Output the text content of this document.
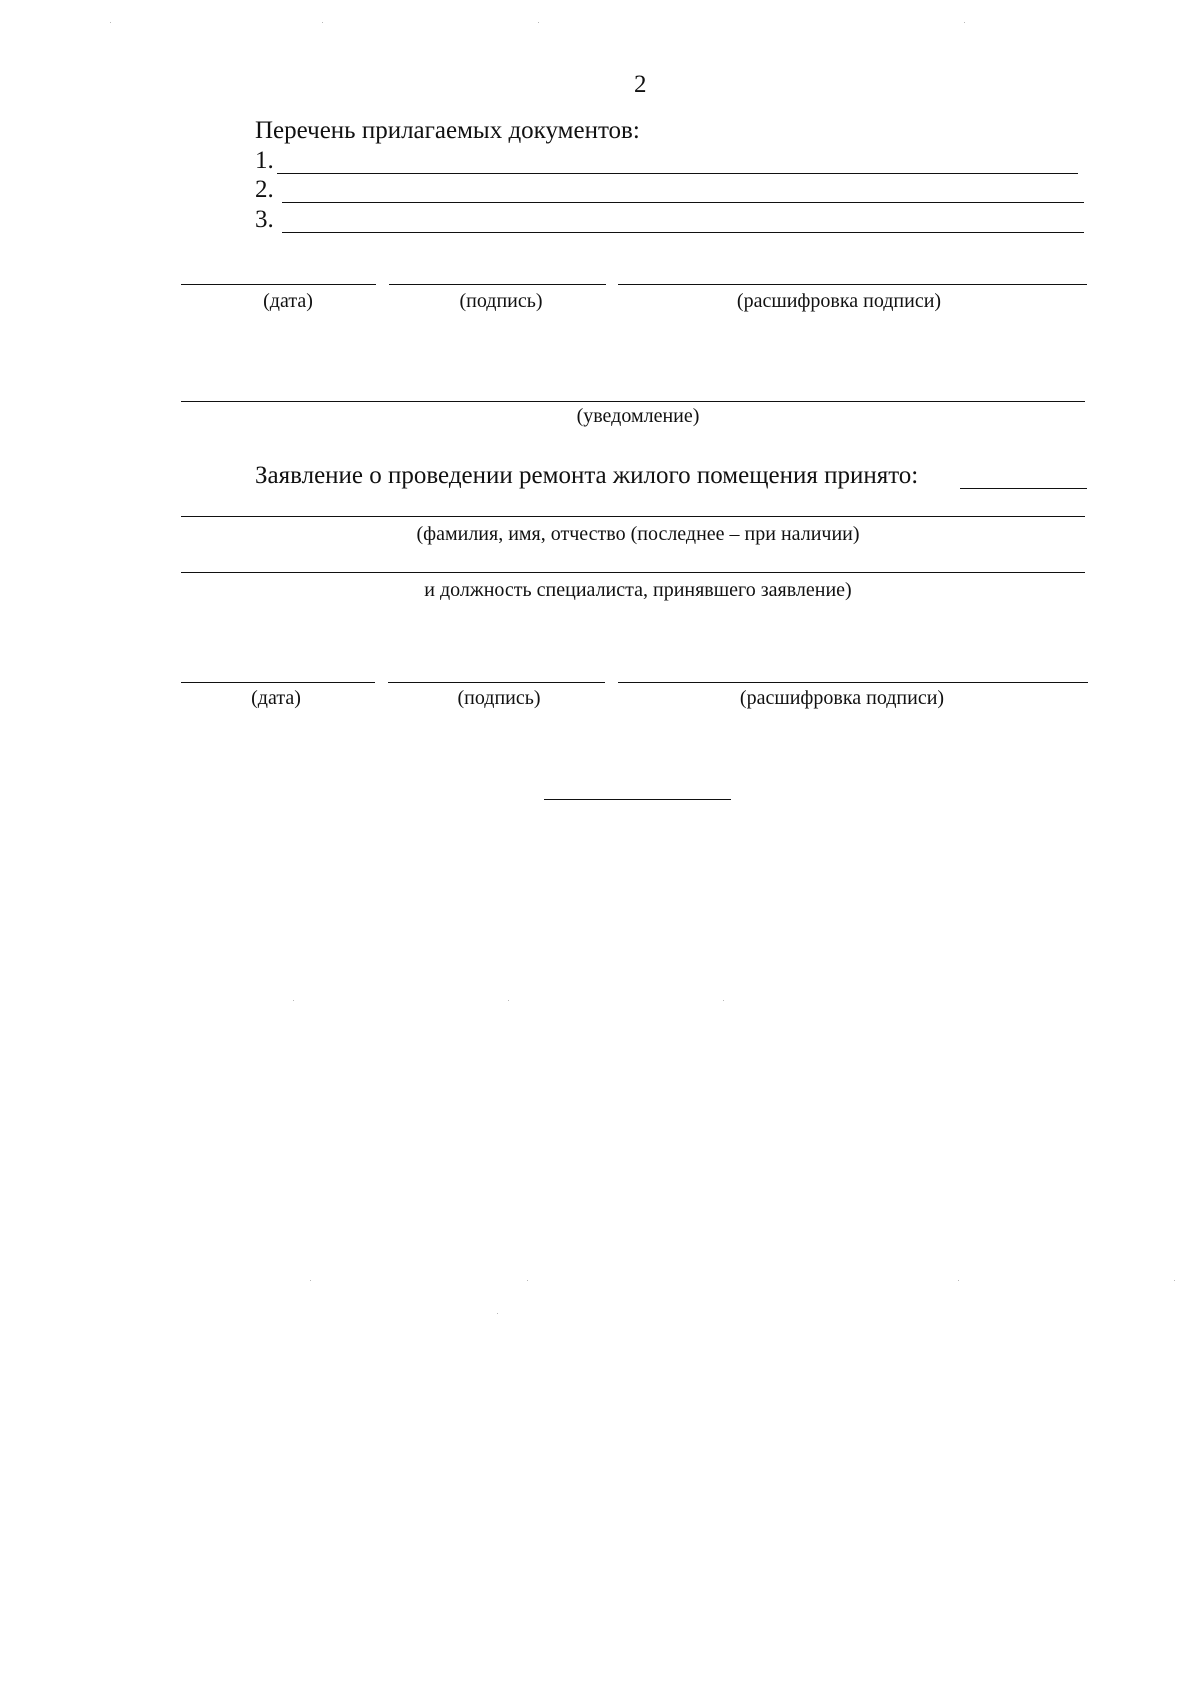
2
Перечень прилагаемых документов:
1.
2.
3.
(дата)	(подпись)	(расшифровка подписи)
(уведомление)
Заявление о проведении ремонта жилого помещения принято:
(фамилия, имя, отчество (последнее – при наличии)
и должность специалиста, принявшего заявление)
(дата)	(подпись)	(расшифровка подписи)
